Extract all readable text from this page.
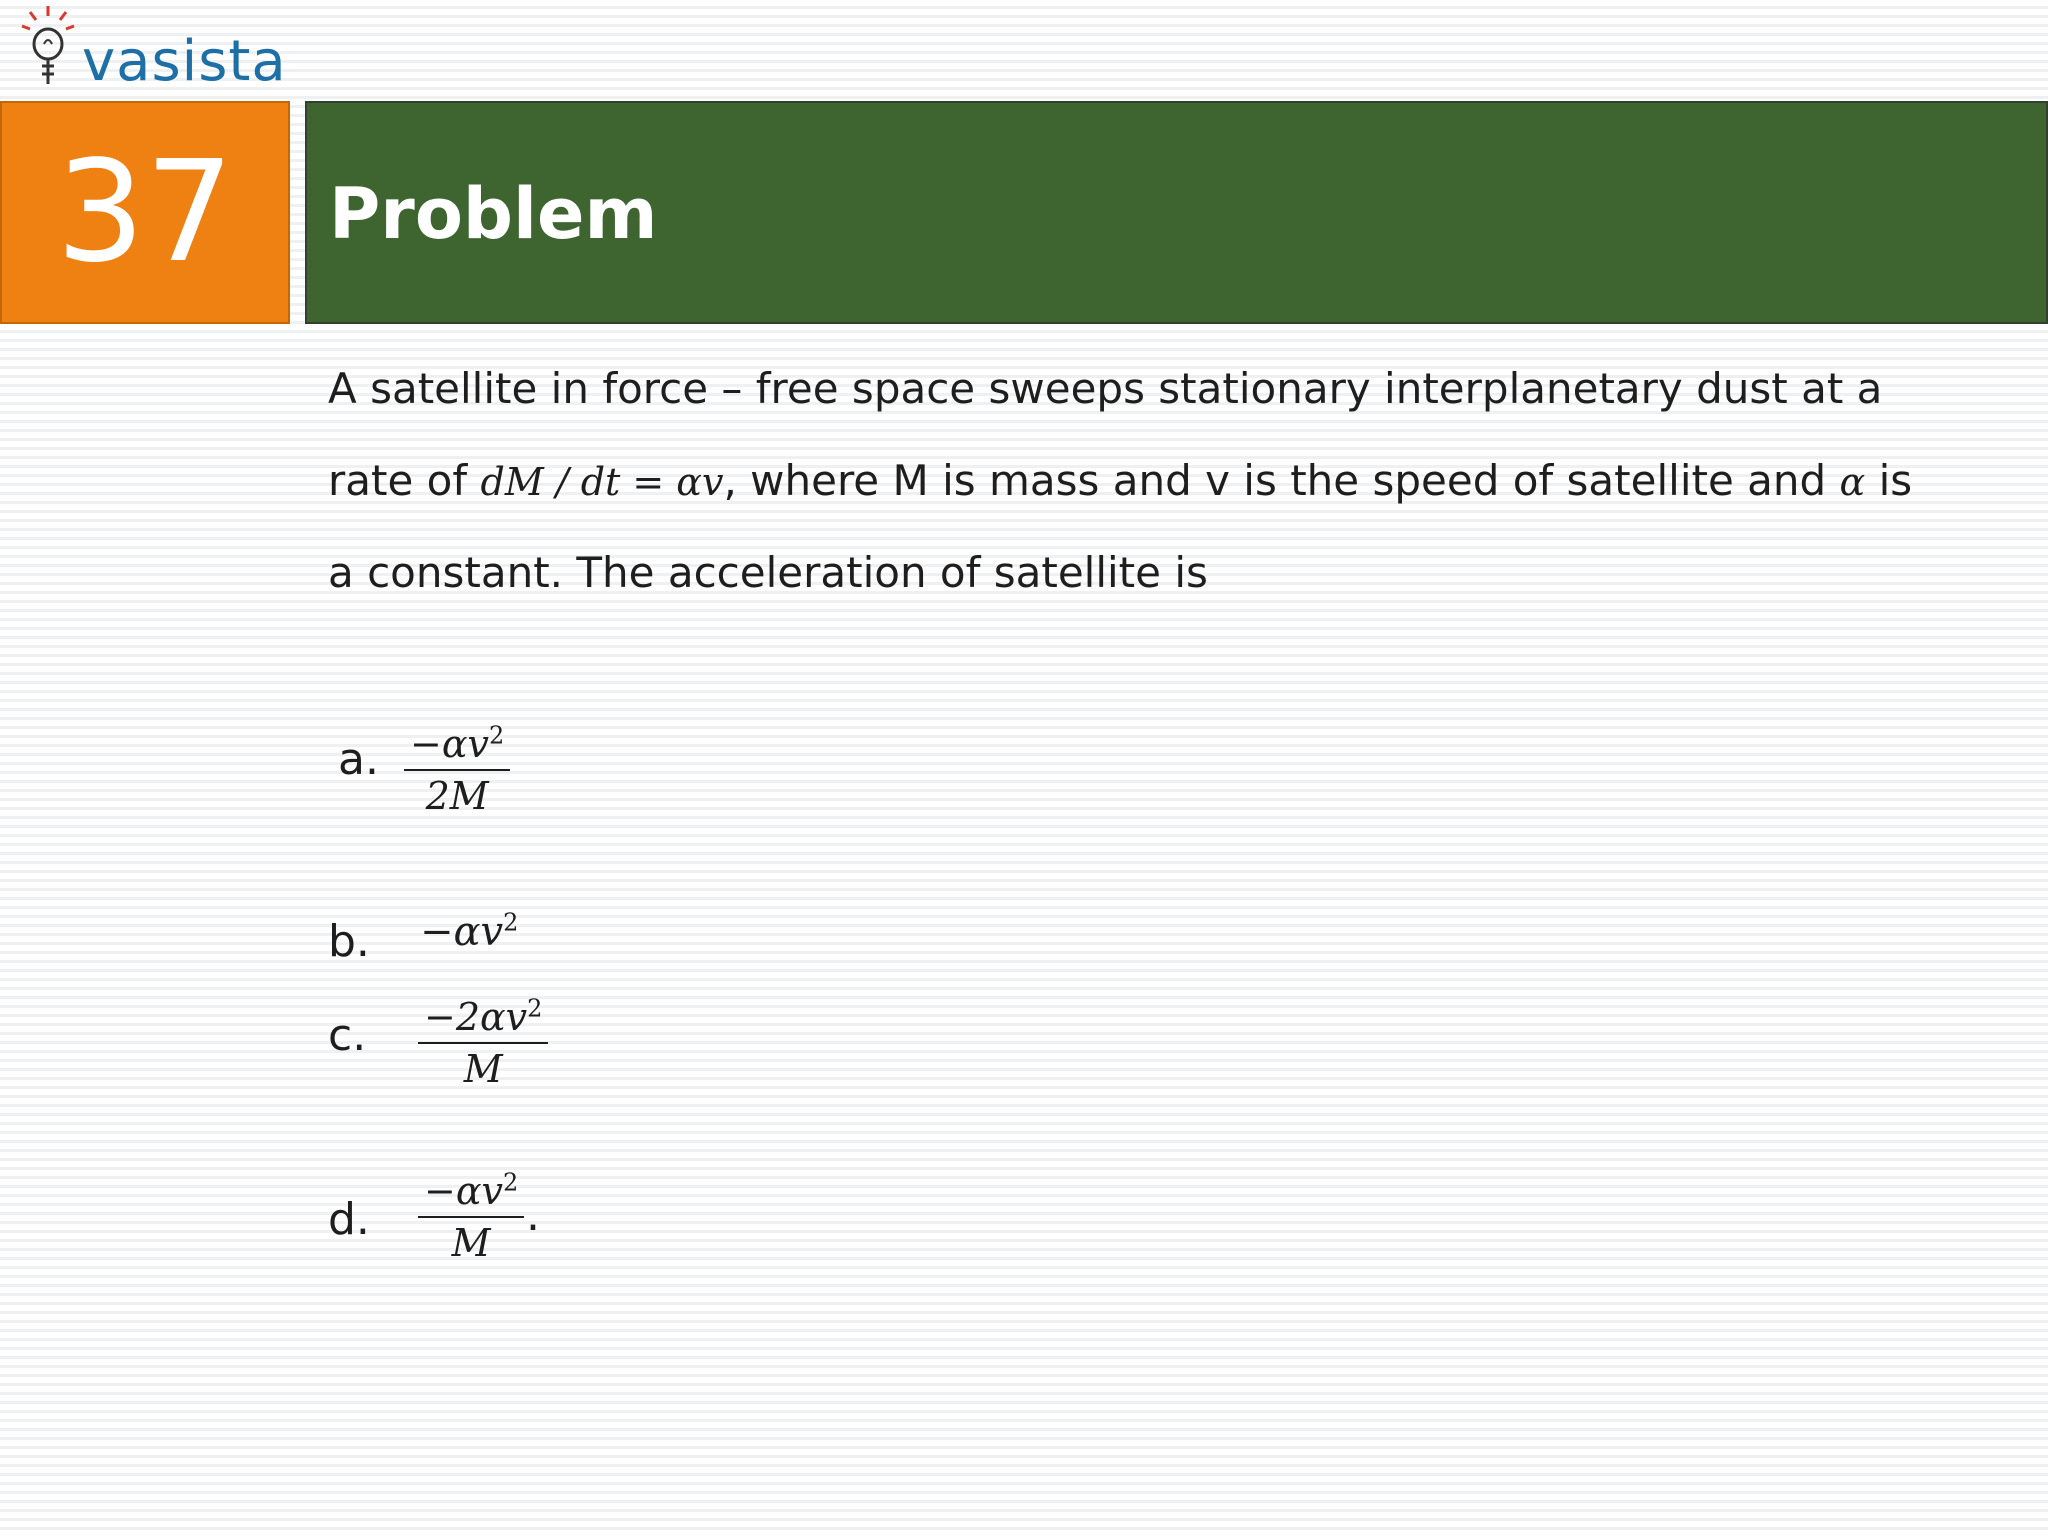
vasista
37 Problem
A satellite in force – free space sweeps stationary interplanetary dust at a
rate of dM / dt = αv, where M is mass and v is the speed of satellite and α is
a constant. The acceleration of satellite is
a. $-\alpha v^2$
2M
b. $-\alpha v^2$
c. $-2\alpha v^2$
M
d.
$-\alpha v^2$
M
.
